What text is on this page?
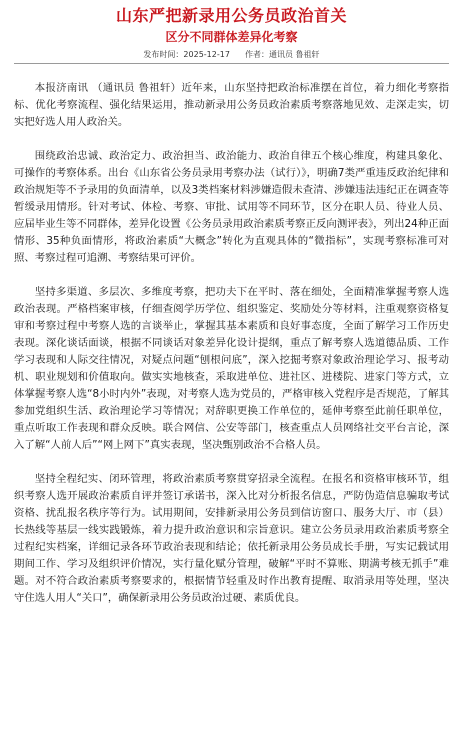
山东严把新录用公务员政治首关
区分不同群体差异化考察
发布时间：2025-12-17 作者：通讯员 鲁祖轩

本报济南讯 （通讯员 鲁祖轩）近年来，山东坚持把政治标准摆在首位，着力细化考察指标、优化考察流程、强化结果运用，推动新录用公务员政治素质考察落地见效、走深走实，切实把好选人用人政治关。

围绕政治忠诚、政治定力、政治担当、政治能力、政治自律五个核心维度，构建具象化、可操作的考察体系。出台《山东省公务员录用考察办法（试行）》，明确7类严重违反政治纪律和政治规矩等不予录用的负面清单，以及3类档案材料涉嫌造假未查清、涉嫌违法违纪正在调查等暂缓录用情形。针对考试、体检、考察、审批、试用等不同环节，区分在职人员、待业人员、应届毕业生等不同群体，差异化设置《公务员录用政治素质考察正反向测评表》，列出24种正面情形、35种负面情形，将政治素质“大概念”转化为直观具体的“微指标”，实现考察标准可对照、考察过程可追溯、考察结果可评价。

坚持多渠道、多层次、多维度考察，把功夫下在平时、落在细处，全面精准掌握考察人选政治表现。严格档案审核，仔细查阅学历学位、组织鉴定、奖励处分等材料，注重观察资格复审和考察过程中考察人选的言谈举止，掌握其基本素质和良好事态度，全面了解学习工作历史表现。深化谈话面谈，根据不同谈话对象差异化设计提纲，重点了解考察人选道德品质、工作学习表现和人际交往情况，对疑点问题“刨根问底”，深入挖掘考察对象政治理论学习、报考动机、职业规划和价值取向。做实实地核查，采取进单位、进社区、进楼院、进家门等方式，立体掌握考察人选“8小时内外”表现，对考察人选为党员的，严格审核入党程序是否规范，了解其参加党组织生活、政治理论学习等情况；对辞职更换工作单位的，延伸考察至此前任职单位，重点听取工作表现和群众反映。联合网信、公安等部门，核查重点人员网络社交平台言论，深入了解“人前人后”“网上网下”真实表现，坚决甄别政治不合格人员。

坚持全程纪实、闭环管理，将政治素质考察贯穿招录全流程。在报名和资格审核环节，组织考察人选开展政治素质自评并签订承诺书，深入比对分析报名信息，严防伪造信息骗取考试资格、扰乱报名秩序等行为。试用期间，安排新录用公务员到信访窗口、服务大厅、市（县）长热线等基层一线实践锻炼，着力提升政治意识和宗旨意识。建立公务员录用政治素质考察全过程纪实档案，详细记录各环节政治表现和结论；依托新录用公务员成长手册，写实记载试用期间工作、学习及组织评价情况，实行量化赋分管理，破解“平时不算账、期满考核无抓手”难题。对不符合政治素质考察要求的，根据情节轻重及时作出教育提醒、取消录用等处理，坚决守住选人用人“关口”，确保新录用公务员政治过硬、素质优良。
